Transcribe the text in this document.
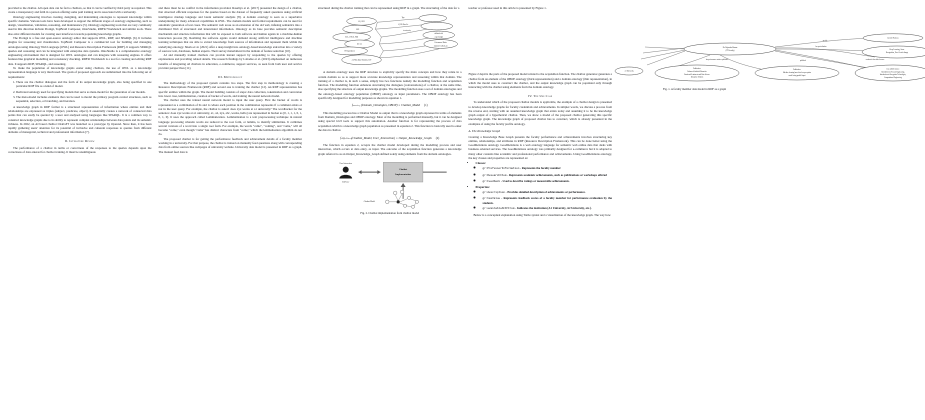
provided to the chatbot. All open data can be fed to chatbots, so that it can be verified by third party as required. This create a transparency and faith in a person offering some paid training and is associated with a university.

Ontology engineering involves creating, designing, and maintaining ontologies to represent knowledge within specific domains. Various tools have been developed to support the different stages of ontology engineering, such as design, visualization, validation, reasoning, and maintenance [5]. Ontology engineering tools that are very commonly used in this direction include Protégé, TopBraid Composer, OntoStudio, RDF4J Workbench and similar tools. There also exist different models for creating user interfaces towards populating knowledge graphs.

The Protégé is a free and open-source ontology editor that supports OWL, RDF, and SPARQL [6]. It includes plugins for reasoning and visualization. TopBraid Composer is a commercial tool for building and managing ontologies using Ontology Web Language (OWL) and Resource Description Framework (RDF). It supports SPARQL queries and reasoning and can be integrated with enterprise data systems. OntoStudio is a comprehensive ontology engineering environment that is designed for OWL ontologies and can integrate with reasoning engines. It offers features like graphical modelling and consistency checking. RDF4J Workbench is a tool for creating and editing RDF data. It supports RDF, SPARQL, and reasoning.

To make the population of knowledge graphs easier using chatbots, the use of OWL as a knowledge representation language is very much used. The goals of proposed approach are summarized into the following set of requirements:

1. There are the chatbot dialogues and the form of its output knowledge graph, also being specified in one particular RDF file as a kind of model.
2. Dedicated ontology used for specifying models that serve as meta-model for the generation of our models.
3. The meta-model includes elements that can be used to model the primary program control structures, such as sequential, selection, or branching, and iteration.

A knowledge graph in RDF format is a structured representation of information where entities and their relationships are expressed as triples (subject, predicate, object). It essentially creates a network of connected data points that can easily be queried by a user and analysed using languages like SPARQL. It is a common way to construct knowledge graphs due to its ability to represent complex relationships between data points and its semantic richness. In 2022, an AI based chatbot ChatGPT was launched as a prototype by OpenAI. Since then, it has been rapidly gathering users' attention for its potential of inclusive and coherent responses to queries from different domains of managerial, technical and professional information [7].

II. Literature Review

The performance of a chatbot in terms or correctness of the responses to the queries depends upon the correctness of data entered for chatbot training. It must be unambiguous

and there must be no conflict in the information provided. Raseliya et al. (2017) presented the design of a chatbot, that observed efficient responses for the queries based on the dataset of frequently asked questions using artificial intelligence markup language and latent semantic analysis [8]. A domain ontology is seen as a superlative underpinning for many advanced capabilities in OWL. The domain models and formal requirements can be used for automatic generation of test cases. The semantic web arose as an extension of the old web, infusing semantics into a distributed Web of structured and interrelated information. Ontology as its base provides semantic description mechanism and structure information that will be exposed to both software and human agents in a machine-human interaction process [9]. Realizing the software agents would demand strong artificial intelligence and machine learning techniques that are able to extract knowledge from sources of information and represent them within the underlying ontology. Sikalo et al. (2021) offer a deep insight into ontology-based knowledge extraction into a variety of sources: text, databases, human experts. Their survey materialized in the domain of feature selection [10].

AI and manually trained chatbots can provide instant support by responding to the queries by offering explanations and providing related details. The research findings by Labadze et al. (2023) emphasized on numerous benefits of integrating AI chatbots in education, e-commerce, support services, as seen from both user and service provider perspectives [11].

III. Methodology

The methodology of the proposed system contains two steps. The first step in methodology is creating a Resource Descriptions Framework (RDF) and second one is training the chatbot [12]. An RDF representation has specific entities within the graph. The model building consists of steps: data collection, tokenization and conversion into lower case, lemmatization, creation of bucket of words, and training the neural network model.

The chatbot uses the trained neural network model to input the user query. First the bucket of words is represented as a combination of 0s and 1s where each position in the combination represents if a comment exists or not in the user query. For example, the chatbot is asked: does xyz works at a1 university? The wordbucket for the sentence: does xyz works at a1 university, a1, a2, xyz, abc, works, hello] are represented in bucket as [0, 1, 1, 1, 0, 1, 0, 1, 0]. It uses the approach called Lemmatization. Lemmatization is a text preprocessing technique in natural language processing wherein words are reduced to the root form, or lemma, to identify similarities. It combines several versions of a word into a single root form. For example, the words "came", "coming", and "come," will all become "come," even though "came" has distinct characters from "come," which the lemmatisation algorithm do not do.

The proposed chatbot is for getting the performance feedback and achievement details of a faculty member working in a university. For that purpose, the chatbot is trained on manually feed questions along with corresponding data from online sources like webpages of university website. University data model is presented in RDF as a graph. The manual feed data is

structured during the chatbot training that can be represented using RDF in a graph. The structuring of the data for a

GS, 2021
CSE
B.E. AI Tech, PhD
Dr. xxx
IT Department
AI, ML, Data Structure, ICT
Type
AI, ML Data Set
in university
affiliated with
expert insight
Performance Matrix
situation Feedback 4.5

A domain ontology uses the RDF structure to explicitly specify the main concepts and how they relate in a certain domain so as to support more accurate knowledge representation and reasoning within that domain. The training of a chatbot is, in such a sense, simply has two functions namely the modelling function and acquisition function. The modelling function enhances structuring the dialogues (conversations) of a chatbot, at the same time, also specifying the structure of output knowledge graphs. The modelling function uses a set of domain ontologies and the ontology-based ontology population (OBOP) ontology as input parameters. The OBOP ontology has been specifically designed for modelling purposes as shown in equation 1.

fₘₒₔₑₗᵢₙ₉ (Domain_Ontologies, OBOP) = Chatbot_Model (1)

This modelling process has a Chatbot Model as output that is a knowledge graph expressed in terms of elements from Domain_Ontologies and OBOP ontology. Most of the modelling is performed manually, but it can be designed using special GUI tools to support this automation. Another function is for representing the process of data acquisition which is a knowledge graph population as presented in equation 2. This function is basically used to enter the data in chatbot.

fₐᴄǫᵤᵢѕᵢₜᵢₒₙ(Chatbot_Model, User_Interaction) = Output_Knowledge_Graph (2)

The function in equation 2, accepts the chatbot model developed during the modelling process and user interaction, which occurs at data entry, as input. The outcome of the acquisition function generates a knowledge graph referred to as an Output_Knowledge_Graph defined solely using elements from the domain ontologies.

User Interaction
End User
Chatbot
Implementation
Chatbot Model
Fig. 2. Chatbot implementation from chatbot model

teacher or professor used in this article is presented by Figure 1.

Figure 2 depicts the parts of the proposed model related to the acquisition function. The chatbot generator generates a chatbot from an element of the OBOP ontology (thick representation) and a domain ontology (thin representation), in which the model uses to construct the chatbot, and the output knowledge graph can be populated only through interacting with the chatbot using elements from the domain ontology.

IV. The Use Case

To understand which of the proposed chatbot models is applicable, the example of a chatbot design is presented to develop knowledge graphs for faculty credentials and achievements. In simpler words, we discuss a process from the reverse end, starting with an assumed knowledge graph that exists today and assuming it to be the knowledge graph output of a hypothetical chatbot. Then, we show a model of the proposed chatbot generating this specific knowledge graph. The knowledge graph of proposed chatbot has to construct, which is already presented in the examples of using the faculty profile ontology.

A. The Knowledge Graph

Creating a Knowledge Base Graph presents the faculty performance and achievements involves structuring key entities, relationships, and attributes in RDF (Resource Description Framework). This can be done better using the GoodRelations ontology. GoodRelations is a web ontology language for semantic web online data that deals with business oriented services. The GoodRelations ontology was primarily designed for e-commerce but it is adapted to many other contexts like academic and professional performance and achievements. Using GoodRelations ontology, the key classes and properties are represented as:

• Classes:
◦ gr:ProfessorInformation - Represents the faculty member
◦ gr:ResearchItem - Represents academic achievements, such as publications or workshops offered
◦ gr:Feedback - Used to describe ratings or measurable achievements.
• Properties:
◦ gr:description - Provides detailed description of achievements or performance.
◦ gr:hasValue - Represents feedback scores of a faculty member for performance evaluation by the students.
◦ gr:availableAtOrFrom - Indicates the institution (A1 University, A2 University, etc.).

Below is a conceptual explanation using Turtle syntax and a visualization of the knowledge graph. The way how

Dr. Rajendra Kumar
(IT Faculty)
Gender Release
Deep Learning, Sense
Recognition, User Gender Image
Case added courses:
Introduction to Present Engineering,
Introduction to Encryption Technologies,
Computational Engineering
Publication:
Machine learning based wireless perception
model using parallel input
Publication:
Enhanced Artificial Biometric
Emotional Sentiments and Data Science
Enterprise Solution
A1 University
specify
has specialization
has performance matrices published
published
conducted who added courses
Fig. 1. A faculty member data model in RDF as a graph
